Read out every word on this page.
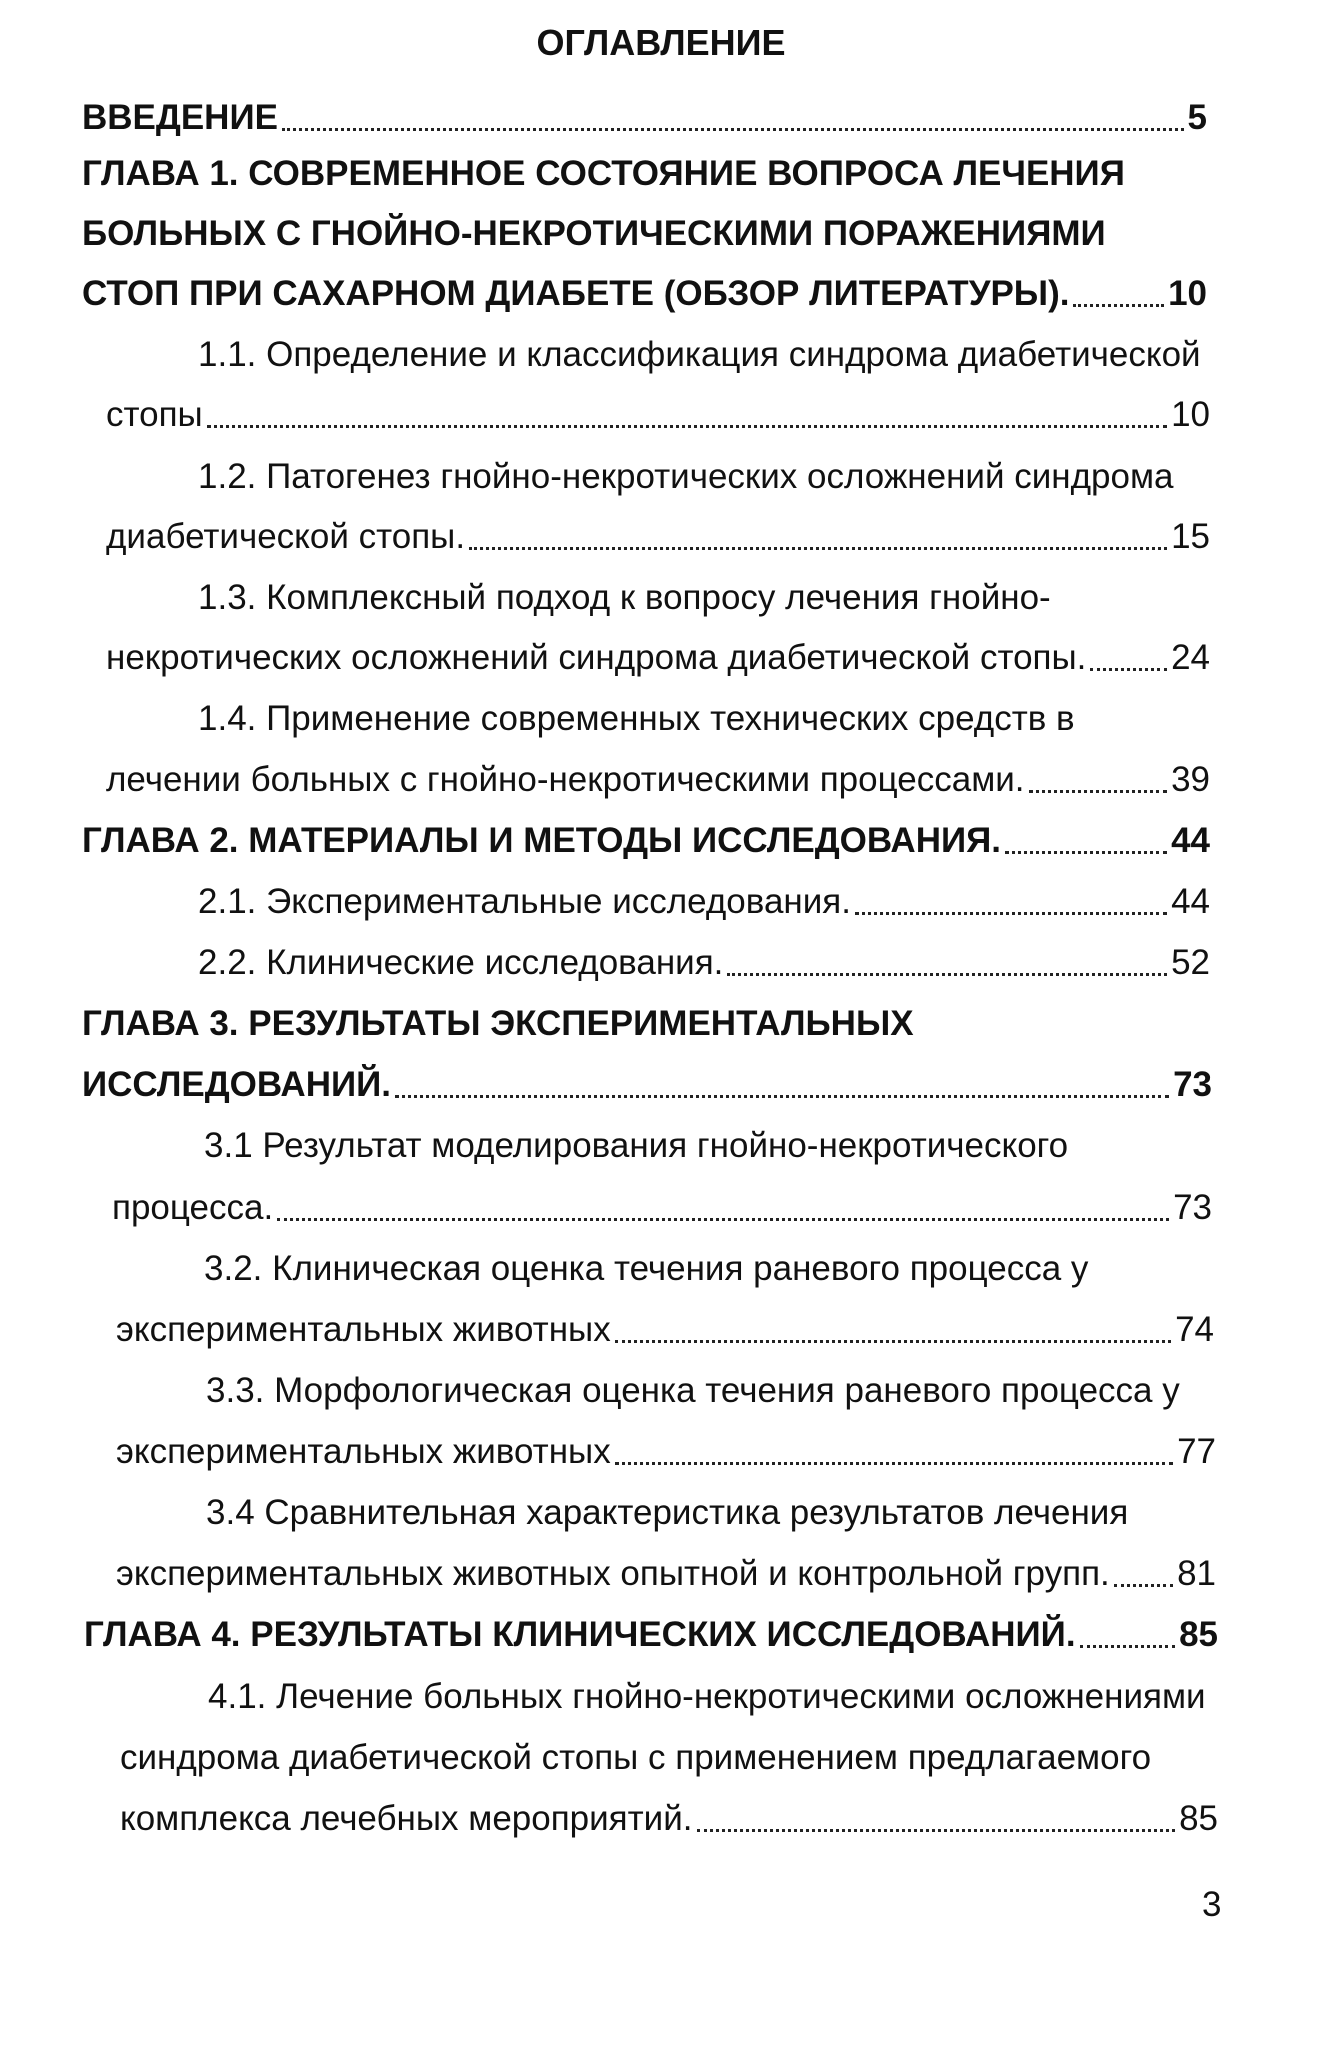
ОГЛАВЛЕНИЕ
ВВЕДЕНИЕ	5
ГЛАВА 1. СОВРЕМЕННОЕ СОСТОЯНИЕ ВОПРОСА ЛЕЧЕНИЯ
БОЛЬНЫХ С ГНОЙНО-НЕКРОТИЧЕСКИМИ ПОРАЖЕНИЯМИ
СТОП ПРИ САХАРНОМ ДИАБЕТЕ (ОБЗОР ЛИТЕРАТУРЫ).	10
1.1. Определение и классификация синдрома диабетической
стопы	10
1.2. Патогенез гнойно-некротических осложнений синдрома
диабетической стопы.	15
1.3. Комплексный подход к вопросу лечения гнойно-
некротических осложнений синдрома диабетической стопы. 24
1.4. Применение современных технических средств в
лечении больных с гнойно-некротическими процессами.	39
ГЛАВА 2. МАТЕРИАЛЫ И МЕТОДЫ ИССЛЕДОВАНИЯ.	44
2.1. Экспериментальные исследования.	44
2.2. Клинические исследования.	52
ГЛАВА 3. РЕЗУЛЬТАТЫ ЭКСПЕРИМЕНТАЛЬНЫХ
ИССЛЕДОВАНИЙ.	73
3.1 Результат моделирования гнойно-некротического
процесса.	73
3.2. Клиническая оценка течения раневого процесса у
экспериментальных животных	74
3.3. Морфологическая оценка течения раневого процесса у
экспериментальных животных	77
3.4 Сравнительная характеристика результатов лечения
экспериментальных животных опытной и контрольной групп. 81
ГЛАВА 4. РЕЗУЛЬТАТЫ КЛИНИЧЕСКИХ ИССЛЕДОВАНИЙ.	85
4.1. Лечение больных гнойно-некротическими осложнениями
синдрома диабетической стопы с применением предлагаемого
комплекса лечебных мероприятий.	85
3
